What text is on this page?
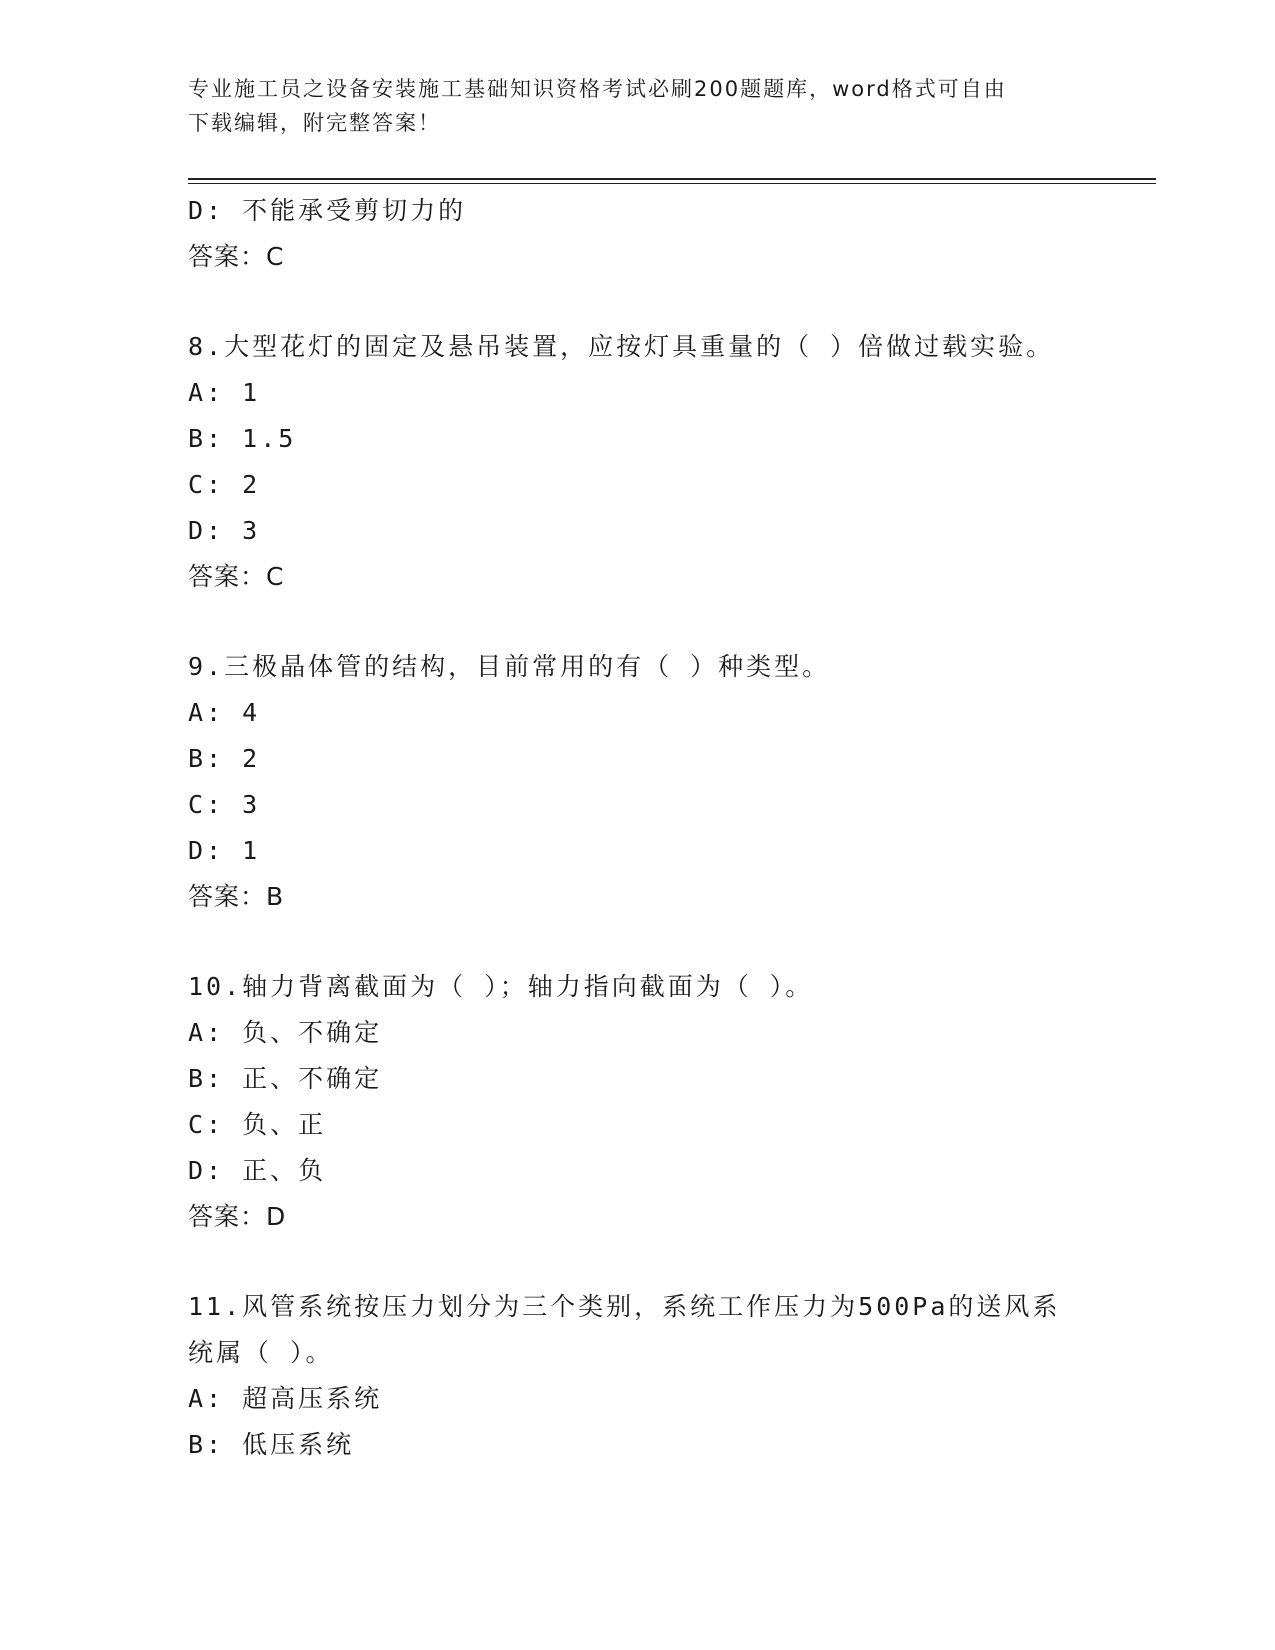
专业施工员之设备安装施工基础知识资格考试必刷200题题库，word格式可自由
下载编辑，附完整答案！
D: 不能承受剪切力的
答案：C
8.大型花灯的固定及悬吊装置，应按灯具重量的（ ）倍做过载实验。
A: 1
B: 1.5
C: 2
D: 3
答案：C
9.三极晶体管的结构，目前常用的有（ ）种类型。
A: 4
B: 2
C: 3
D: 1
答案：B
10.轴力背离截面为（ ）；轴力指向截面为（ ）。
A: 负、不确定
B: 正、不确定
C: 负、正
D: 正、负
答案：D
11.风管系统按压力划分为三个类别，系统工作压力为500Pa的送风系
统属（ ）。
A: 超高压系统
B: 低压系统
